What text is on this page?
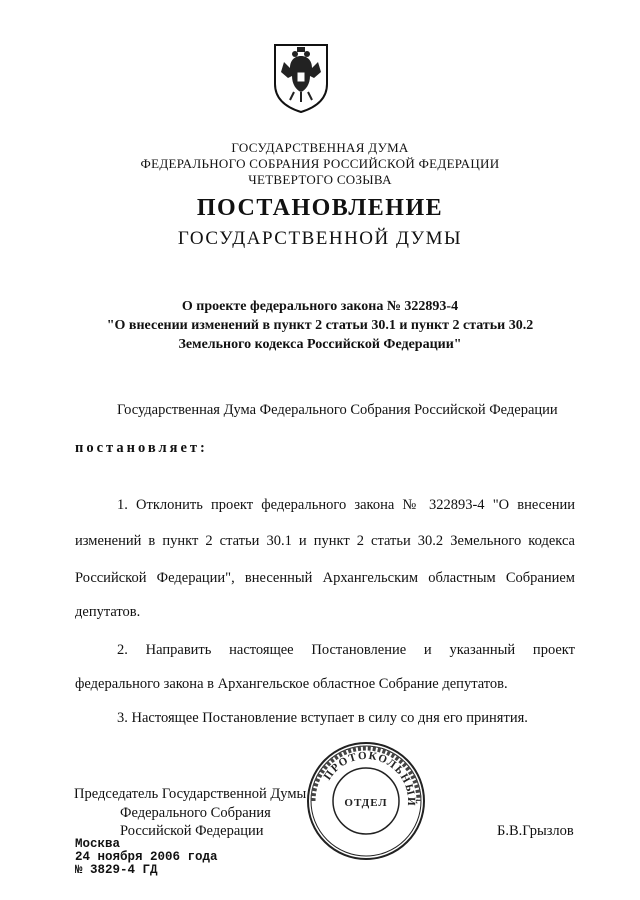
ГОСУДАРСТВЕННАЯ ДУМА
ФЕДЕРАЛЬНОГО СОБРАНИЯ РОССИЙСКОЙ ФЕДЕРАЦИИ
ЧЕТВЕРТОГО СОЗЫВА
ПОСТАНОВЛЕНИЕ
ГОСУДАРСТВЕННОЙ ДУМЫ
О проекте федерального закона № 322893-4
"О внесении изменений в пункт 2 статьи 30.1 и пункт 2 статьи 30.2
Земельного кодекса Российской Федерации"
Государственная Дума Федерального Собрания Российской Федерации
постановляет:
1. Отклонить проект федерального закона № 322893-4 "О внесении
изменений в пункт 2 статьи 30.1 и пункт 2 статьи 30.2 Земельного кодекса
Российской Федерации", внесенный Архангельским областным Собранием
депутатов.
2. Направить настоящее Постановление и указанный проект
федерального закона в Архангельское областное Собрание депутатов.
3. Настоящее Постановление вступает в силу со дня его принятия.
Председатель Государственной Думы
Федерального Собрания
Российской Федерации	Б.В.Грызлов
ПРОТОКОЛЬНЫЙ
ОТДЕЛ
Москва
24 ноября 2006 года
№ 3829-4 ГД
